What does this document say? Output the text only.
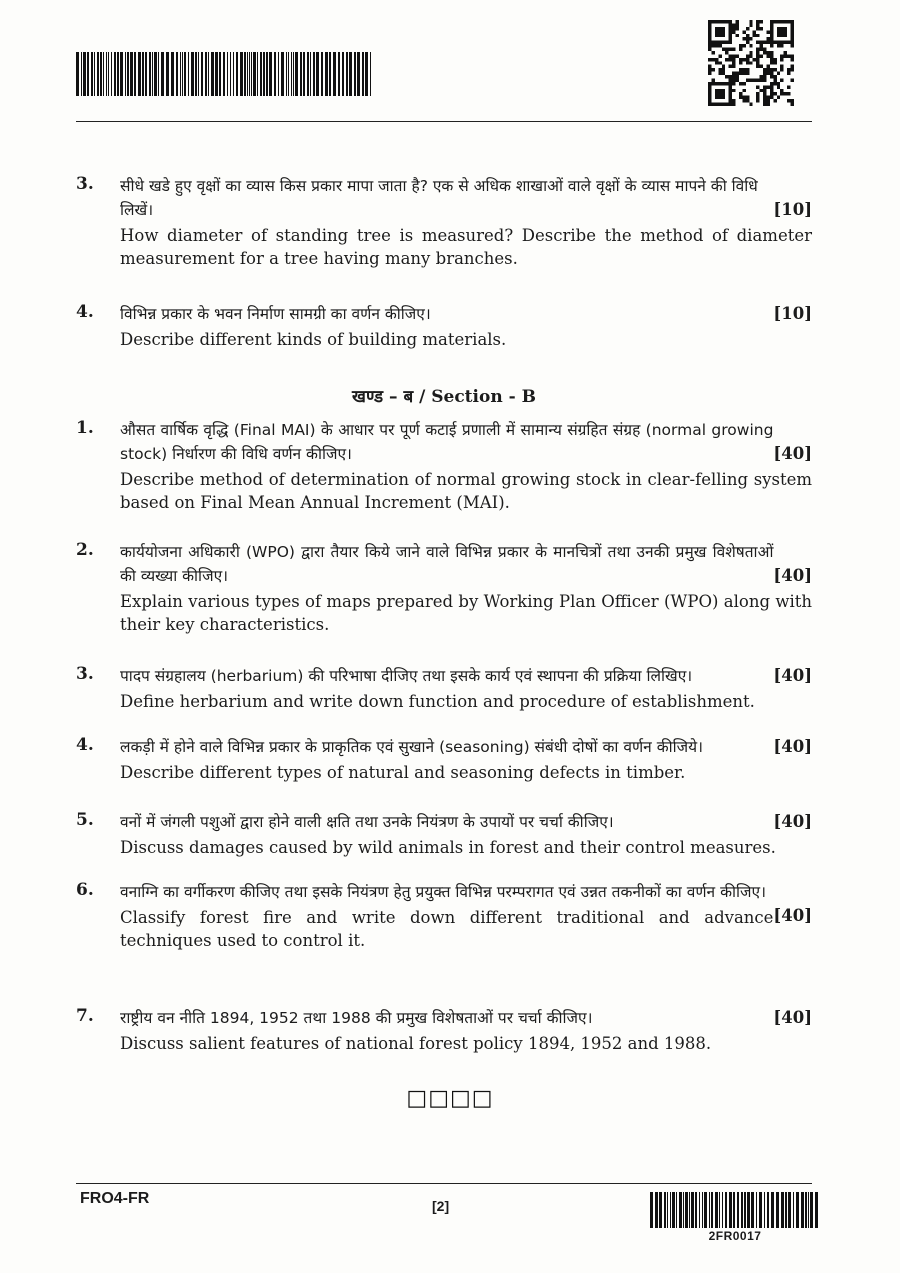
3.
[10]
सीधे खडे हुए वृक्षों का व्यास किस प्रकार मापा जाता है? एक से अधिक शाखाओं वाले वृक्षों के व्यास मापने की विधि लिखें।
How diameter of standing tree is measured? Describe the method of diameter measurement for a tree having many branches.
4.	[10]
विभिन्न प्रकार के भवन निर्माण सामग्री का वर्णन कीजिए।
Describe different kinds of building materials.
खण्ड – ब / Section - B
1.
[40]
औसत वार्षिक वृद्धि (Final MAI) के आधार पर पूर्ण कटाई प्रणाली में सामान्य संग्रहित संग्रह (normal growing stock) निर्धारण की विधि वर्णन कीजिए।
Describe method of determination of normal growing stock in clear-felling system based on Final Mean Annual Increment (MAI).
2.
[40]
कार्ययोजना अधिकारी (WPO) द्वारा तैयार किये जाने वाले विभिन्न प्रकार के मानचित्रों तथा उनकी प्रमुख विशेषताओं की व्यख्या कीजिए।
Explain various types of maps prepared by Working Plan Officer (WPO) along with their key characteristics.
3.	[40]
पादप संग्रहालय (herbarium) की परिभाषा दीजिए तथा इसके कार्य एवं स्थापना की प्रक्रिया लिखिए।
Define herbarium and write down function and procedure of establishment.
4.	[40]
लकड़ी में होने वाले विभिन्न प्रकार के प्राकृतिक एवं सुखाने (seasoning) संबंधी दोषों का वर्णन कीजिये।
Describe different types of natural and seasoning defects in timber.
5.	[40]
वनों में जंगली पशुओं द्वारा होने वाली क्षति तथा उनके नियंत्रण के उपायों पर चर्चा कीजिए।
Discuss damages caused by wild animals in forest and their control measures.
6.
[40]
वनाग्नि का वर्गीकरण कीजिए तथा इसके नियंत्रण हेतु प्रयुक्त विभिन्न परम्परागत एवं उन्नत तकनीकों का वर्णन कीजिए।
Classify forest fire and write down different traditional and advance techniques used to control it.
7.	[40]
राष्ट्रीय वन नीति 1894, 1952 तथा 1988 की प्रमुख विशेषताओं पर चर्चा कीजिए।
Discuss salient features of national forest policy 1894, 1952 and 1988.
□□□□
FRO4-FR	[2]
2FR0017
